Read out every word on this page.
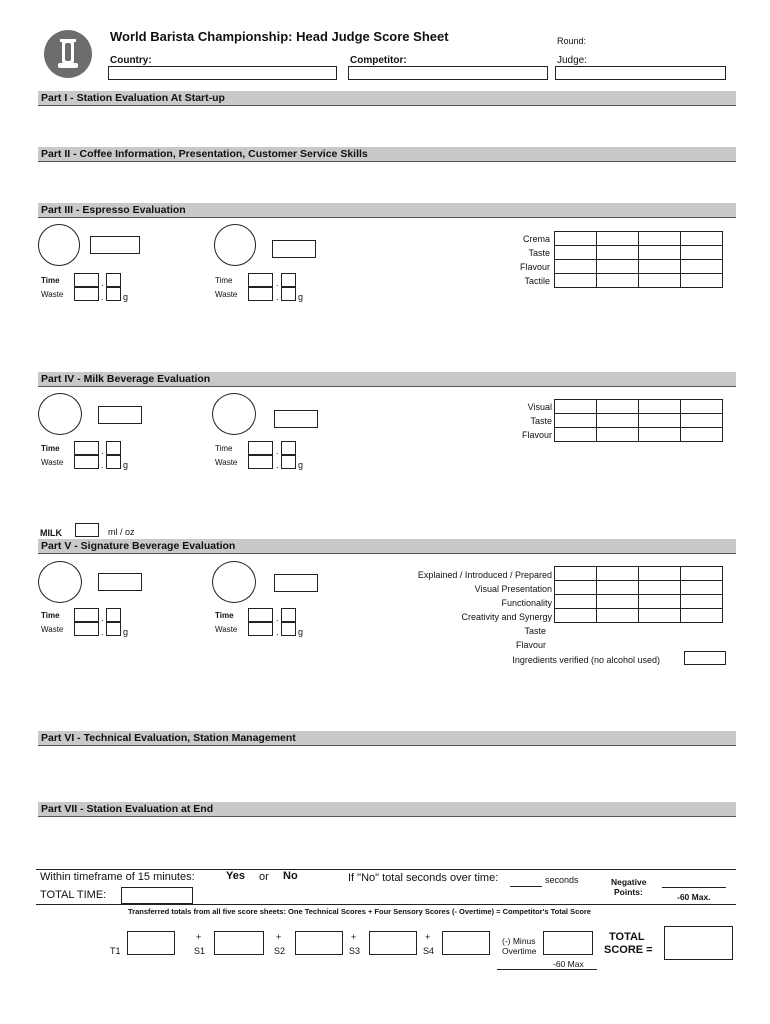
World Barista Championship: Head Judge Score Sheet	Round:
Country:	Competitor:	Judge:
Part I - Station Evaluation At Start-up
Part II - Coffee Information, Presentation, Customer Service Skills
Part III - Espresso Evaluation
Part IV - Milk Beverage Evaluation
Part V - Signature Beverage Evaluation
Part VI - Technical Evaluation, Station Management
Part VII - Station Evaluation at End
Time
Waste
.
. g
Time
Waste
.
. g
Crema
Taste
Flavour
Tactile

Time
Waste
.
. g
Time
Waste
.
. g
Visual
Taste
Flavour

MILK	ml / oz
Time
Waste
.
. g
Time
Waste
.
. g
Explained / Introduced / Prepared
Visual Presentation
Functionality
Creativity and Synergy
Taste
Flavour

Ingredients verified (no alcohol used)
Within timeframe of 15 minutes:	Yes or No	If "No" total seconds over time:	seconds	Negative
Points:	-60 Max.
TOTAL TIME:
Transferred totals from all five score sheets: One Technical Scores + Four Sensory Scores (- Overtime) = Competitor's Total Score
T1
+
S1
+
S2
+
S3
+
S4
(-) Minus
Overtime
-60 Max
TOTAL
SCORE =
